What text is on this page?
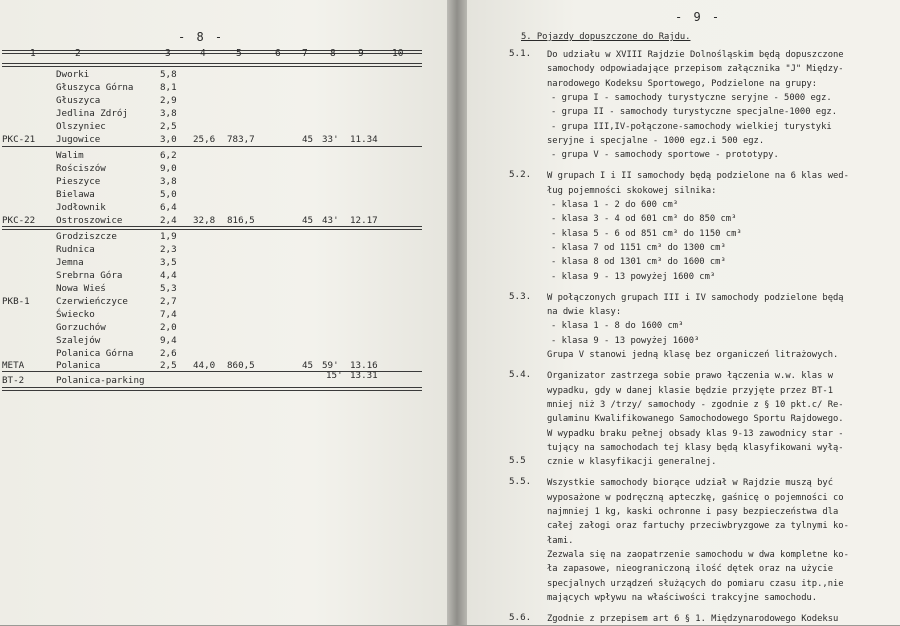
- 8 -
1	2	3	4	5	6 7 8 9	10
Dworki	5,8
Głuszyca Górna	8,1
Głuszyca	2,9
Jedlina Zdrój	3,8
Olszyniec	2,5
PKC-21 Jugowice	3,0 25,6 783,7	45 33' 11.34
Walim	6,2
Rościszów	9,0
Pieszyce	3,8
Bielawa	5,0
Jodłownik	6,4
PKC-22 Ostroszowice	2,4 32,8 816,5	45 43' 12.17
Grodziszcze	1,9
Rudnica	2,3
Jemna	3,5
Srebrna Góra	4,4
Nowa Wieś	5,3
PKB-1	Czerwieńczyce	2,7
Świecko	7,4
Gorzuchów	2,0
Szalejów	9,4
Polanica Górna	2,6
META	Polanica	2,5 44,0 860,5	45 59' 13.16
BT-2	Polanica-parking	15' 13.31
- 9 -
5. Pojazdy dopuszczone do Rajdu.
5.1. Do udziału w XVIII Rajdzie Dolnośląskim będą dopuszczone
samochody odpowiadające przepisom załącznika "J" Między-
narodowego Kodeksu Sportowego, Podzielone na grupy:
- grupa I - samochody turystyczne seryjne - 5000 egz.
- grupa II - samochody turystyczne specjalne-1000 egz.
- grupa III,IV-połączone-samochody wielkiej turystyki
seryjne i specjalne - 1000 egz.i 500 egz.
- grupa V - samochody sportowe - prototypy.
5.2. W grupach I i II samochody będą podzielone na 6 klas wed-
ług pojemności skokowej silnika:
- klasa 1 - 2 do 600 cm³
- klasa 3 - 4 od 601 cm³ do 850 cm³
- klasa 5 - 6 od 851 cm³ do 1150 cm³
- klasa 7 od 1151 cm³ do 1300 cm³
- klasa 8 od 1301 cm³ do 1600 cm³
- klasa 9 - 13 powyżej 1600 cm³
5.3. W połączonych grupach III i IV samochody podzielone będą
na dwie klasy:
- klasa 1 - 8 do 1600 cm³
- klasa 9 - 13 powyżej 1600³
Grupa V stanowi jedną klasę bez organiczeń litrażowych.
5.4. Organizator zastrzega sobie prawo łączenia w.w. klas w
wypadku, gdy w danej klasie będzie przyjęte przez BT-1
mniej niż 3 /trzy/ samochody - zgodnie z § 10 pkt.c/ Re-
gulaminu Kwalifikowanego Samochodowego Sportu Rajdowego.
W wypadku braku pełnej obsady klas 9-13 zawodnicy star -
tujący na samochodach tej klasy będą klasyfikowani wyłą-
5.5 cznie w klasyfikacji generalnej.
5.5. Wszystkie samochody biorące udział w Rajdzie muszą być
wyposażone w podręczną apteczkę, gaśnicę o pojemności co
najmniej 1 kg, kaski ochronne i pasy bezpieczeństwa dla
całej załogi oraz fartuchy przeciwbryzgowe za tylnymi ko-
łami.
Zezwala się na zaopatrzenie samochodu w dwa kompletne ko-
ła zapasowe, nieograniczoną ilość dętek oraz na użycie
specjalnych urządzeń służących do pomiaru czasu itp.,nie
mających wpływu na właściwości trakcyjne samochodu.
5.6. Zgodnie z przepisem art 6 § 1. Międzynarodowego Kodeksu
